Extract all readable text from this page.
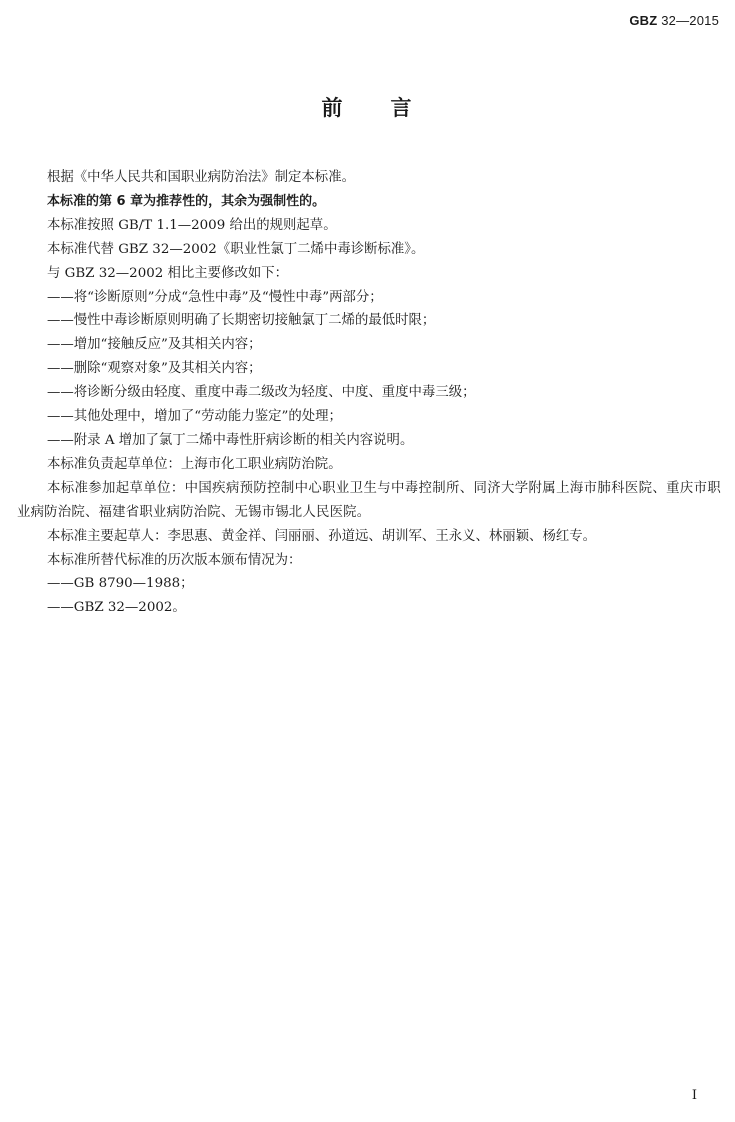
GBZ 32—2015
前 言

根据《中华人民共和国职业病防治法》制定本标准。

本标准的第 6 章为推荐性的，其余为强制性的。

本标准按照 GB/T 1.1—2009 给出的规则起草。

本标准代替 GBZ 32—2002《职业性氯丁二烯中毒诊断标准》。

与 GBZ 32—2002 相比主要修改如下：

——将“诊断原则”分成“急性中毒”及“慢性中毒”两部分；

——慢性中毒诊断原则明确了长期密切接触氯丁二烯的最低时限；

——增加“接触反应”及其相关内容；

——删除“观察对象”及其相关内容；

——将诊断分级由轻度、重度中毒二级改为轻度、中度、重度中毒三级；

——其他处理中，增加了“劳动能力鉴定”的处理；

——附录 A 增加了氯丁二烯中毒性肝病诊断的相关内容说明。

本标准负责起草单位：上海市化工职业病防治院。

本标准参加起草单位：中国疾病预防控制中心职业卫生与中毒控制所、同济大学附属上海市肺科医院、重庆市职业病防治院、福建省职业病防治院、无锡市锡北人民医院。

本标准主要起草人：李思惠、黄金祥、闫丽丽、孙道远、胡训军、王永义、林丽颖、杨红专。

本标准所替代标准的历次版本颁布情况为：

——GB 8790—1988；

——GBZ 32—2002。

I
